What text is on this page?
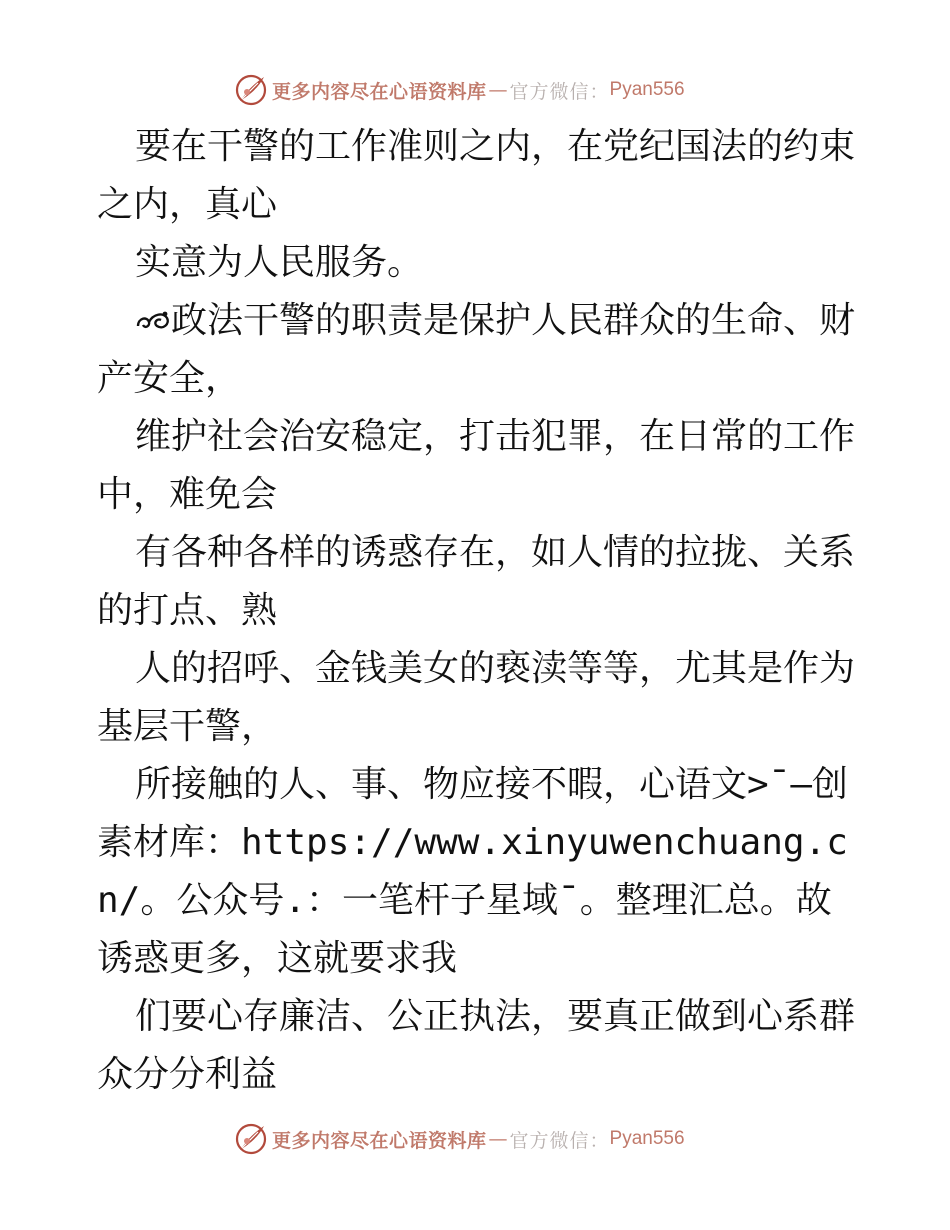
更多内容尽在心语资料库 — 官方微信： Pyan556

要在干警的工作准则之内，在党纪国法的约束之内，真心

实意为人民服务。

政法干警的职责是保护人民群众的生命、财产安全，

维护社会治安稳定，打击犯罪，在日常的工作中，难免会

有各种各样的诱惑存在，如人情的拉拢、关系的打点、熟

人的招呼、金钱美女的亵渎等等，尤其是作为基层干警，

所接触的人、事、物应接不暇，心语文>¯—创素材库：https://www.xinyuwenchuang.cn/。公众号.：一笔杆子星域¯。整理汇总。故诱惑更多，这就要求我

们要心存廉洁、公正执法，要真正做到心系群众分分利益

更多内容尽在心语资料库 — 官方微信： Pyan556
